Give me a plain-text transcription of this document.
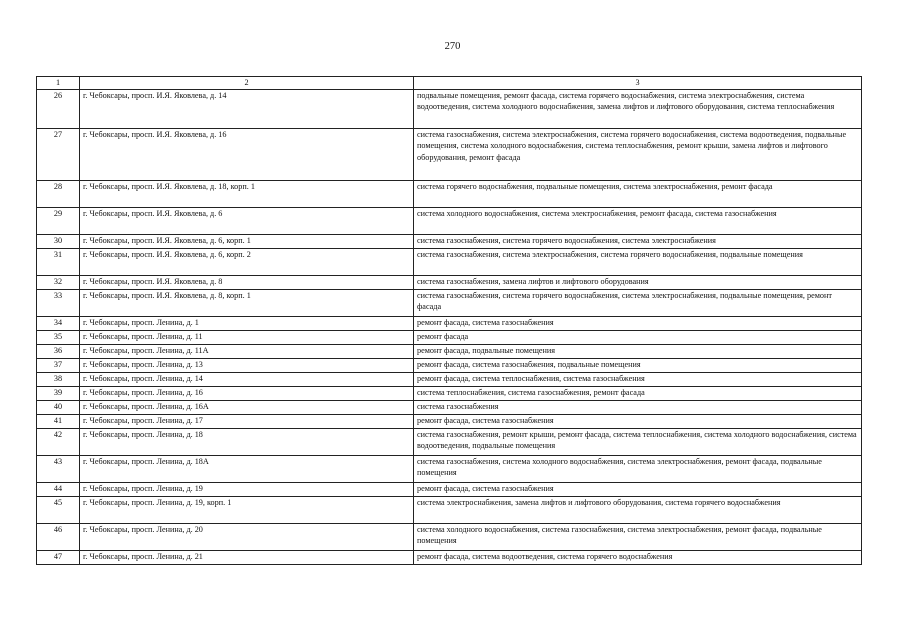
270
1	2	3
26	г. Чебоксары, просп. И.Я. Яковлева, д. 14	подвальные помещения, ремонт фасада, система горячего водоснабжения, система электроснабжения, система водоотведения, система холодного водоснабжения, замена лифтов и лифтового оборудования, система теплоснабжения
27	г. Чебоксары, просп. И.Я. Яковлева, д. 16	система газоснабжения, система электроснабжения, система горячего водоснабжения, система водоотведения, подвальные помещения, система холодного водоснабжения, система теплоснабжения, ремонт крыши, замена лифтов и лифтового оборудования, ремонт фасада
28	г. Чебоксары, просп. И.Я. Яковлева, д. 18, корп. 1	система горячего водоснабжения, подвальные помещения, система электроснабжения, ремонт фасада
29	г. Чебоксары, просп. И.Я. Яковлева, д. 6	система холодного водоснабжения, система электроснабжения, ремонт фасада, система газоснабжения
30	г. Чебоксары, просп. И.Я. Яковлева, д. 6, корп. 1	система газоснабжения, система горячего водоснабжения, система электроснабжения
31	г. Чебоксары, просп. И.Я. Яковлева, д. 6, корп. 2	система газоснабжения, система электроснабжения, система горячего водоснабжения, подвальные помещения
32	г. Чебоксары, просп. И.Я. Яковлева, д. 8	система газоснабжения, замена лифтов и лифтового оборудования
33	г. Чебоксары, просп. И.Я. Яковлева, д. 8, корп. 1	система газоснабжения, система горячего водоснабжения, система электроснабжения, подвальные помещения, ремонт фасада
34	г. Чебоксары, просп. Ленина, д. 1	ремонт фасада, система газоснабжения
35	г. Чебоксары, просп. Ленина, д. 11	ремонт фасада
36	г. Чебоксары, просп. Ленина, д. 11А	ремонт фасада, подвальные помещения
37	г. Чебоксары, просп. Ленина, д. 13	ремонт фасада, система газоснабжения, подвальные помещения
38	г. Чебоксары, просп. Ленина, д. 14	ремонт фасада, система теплоснабжения, система газоснабжения
39	г. Чебоксары, просп. Ленина, д. 16	система теплоснабжения, система газоснабжения, ремонт фасада
40	г. Чебоксары, просп. Ленина, д. 16А	система газоснабжения
41	г. Чебоксары, просп. Ленина, д. 17	ремонт фасада, система газоснабжения
42	г. Чебоксары, просп. Ленина, д. 18	система газоснабжения, ремонт крыши, ремонт фасада, система теплоснабжения, система холодного водоснабжения, система водоотведения, подвальные помещения
43	г. Чебоксары, просп. Ленина, д. 18А	система газоснабжения, система холодного водоснабжения, система электроснабжения, ремонт фасада, подвальные помещения
44	г. Чебоксары, просп. Ленина, д. 19	ремонт фасада, система газоснабжения
45	г. Чебоксары, просп. Ленина, д. 19, корп. 1	система электроснабжения, замена лифтов и лифтового оборудования, система горячего водоснабжения
46	г. Чебоксары, просп. Ленина, д. 20	система холодного водоснабжения, система газоснабжения, система электроснабжения, ремонт фасада, подвальные помещения
47	г. Чебоксары, просп. Ленина, д. 21	ремонт фасада, система водоотведения, система горячего водоснабжения
